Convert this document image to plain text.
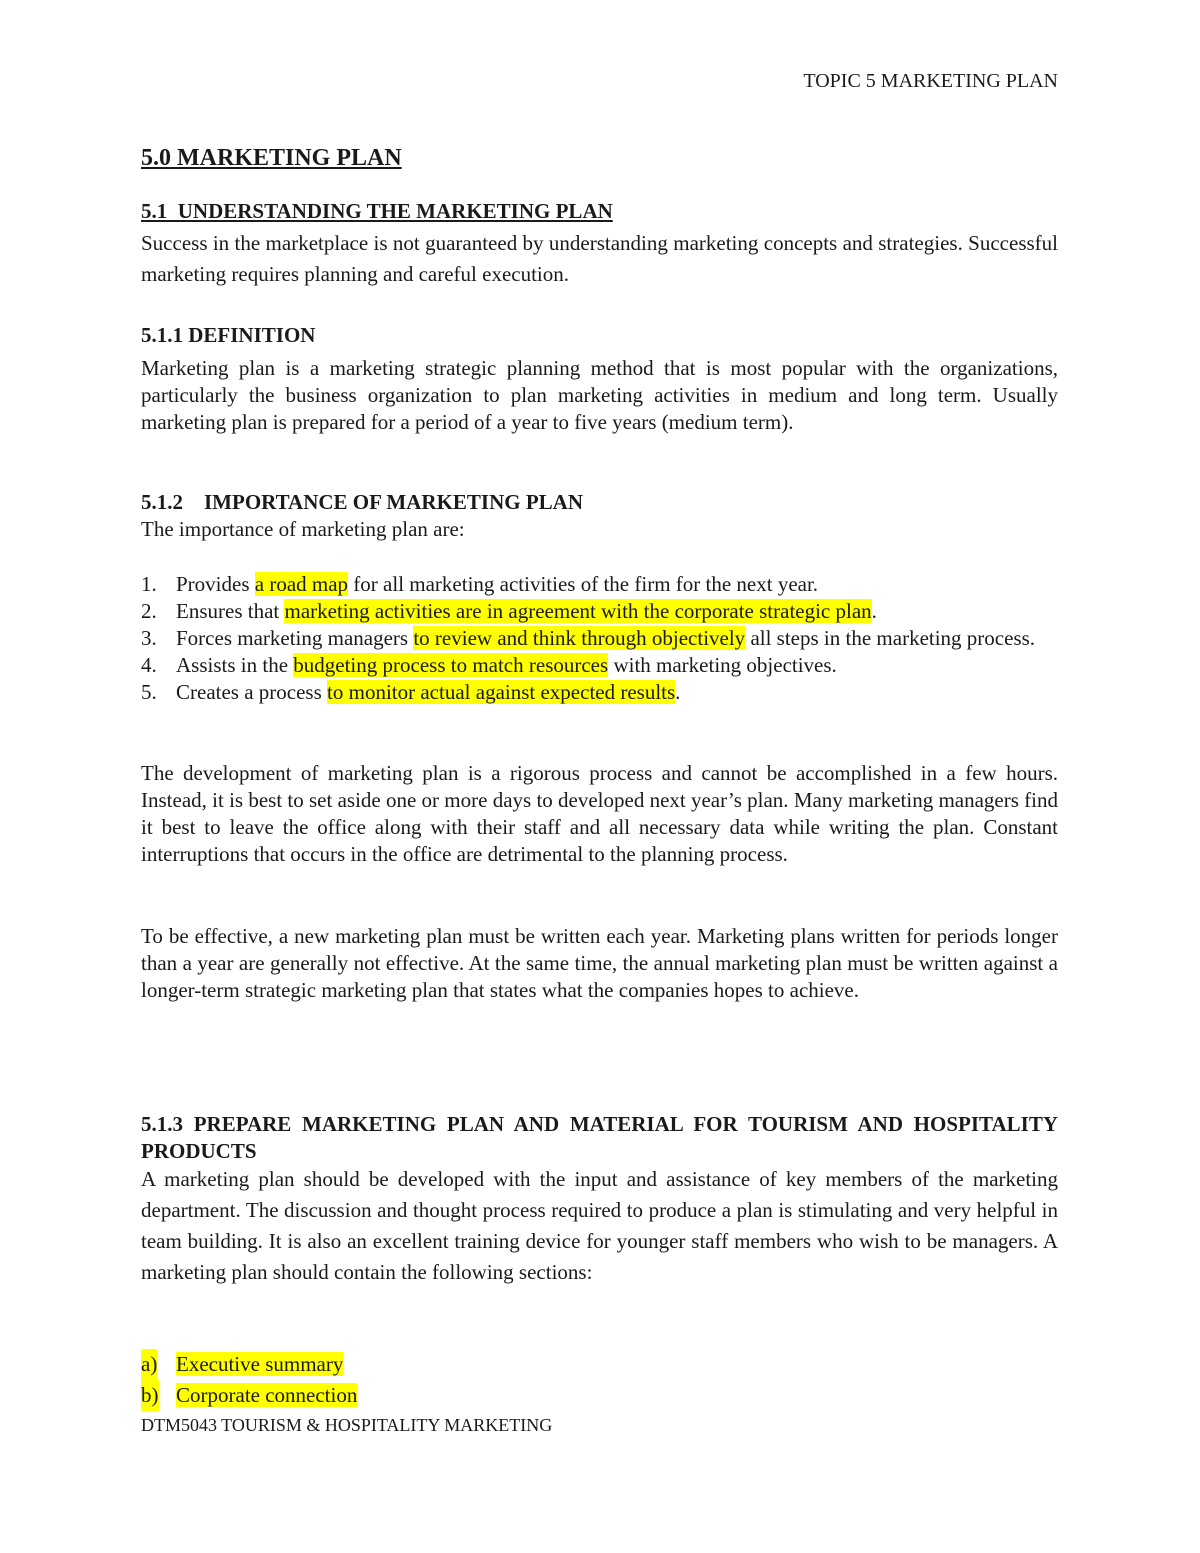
TOPIC 5 MARKETING PLAN
5.0 MARKETING PLAN
5.1  UNDERSTANDING THE MARKETING PLAN
Success in the marketplace is not guaranteed by understanding marketing concepts and strategies. Successful marketing requires planning and careful execution.
5.1.1 DEFINITION
Marketing plan is a marketing strategic planning method that is most popular with the organizations, particularly the business organization to plan marketing activities in medium and long term. Usually marketing plan is prepared for a period of a year to five years (medium term).
5.1.2    IMPORTANCE OF MARKETING PLAN
The importance of marketing plan are:
1. Provides a road map for all marketing activities of the firm for the next year.
2. Ensures that marketing activities are in agreement with the corporate strategic plan.
3. Forces marketing managers to review and think through objectively all steps in the marketing process.
4. Assists in the budgeting process to match resources with marketing objectives.
5. Creates a process to monitor actual against expected results.
The development of marketing plan is a rigorous process and cannot be accomplished in a few hours. Instead, it is best to set aside one or more days to developed next year’s plan. Many marketing managers find it best to leave the office along with their staff and all necessary data while writing the plan. Constant interruptions that occurs in the office are detrimental to the planning process.
To be effective, a new marketing plan must be written each year. Marketing plans written for periods longer than a year are generally not effective. At the same time, the annual marketing plan must be written against a longer-term strategic marketing plan that states what the companies hopes to achieve.
5.1.3 PREPARE MARKETING PLAN AND MATERIAL FOR TOURISM AND HOSPITALITY PRODUCTS
A marketing plan should be developed with the input and assistance of key members of the marketing department. The discussion and thought process required to produce a plan is stimulating and very helpful in team building. It is also an excellent training device for younger staff members who wish to be managers. A marketing plan should contain the following sections:
a) Executive summary
b) Corporate connection
DTM5043 TOURISM & HOSPITALITY MARKETING
